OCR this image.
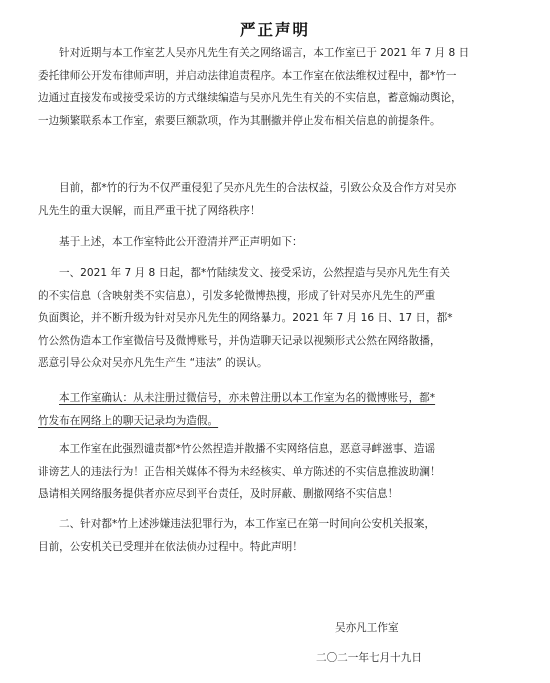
严正声明
针对近期与本工作室艺人吴亦凡先生有关之网络谣言，本工作室已于 2021 年 7 月 8 日
委托律师公开发布律师声明，并启动法律追责程序。本工作室在依法维权过程中，都*竹一
边通过直接发布或接受采访的方式继续编造与吴亦凡先生有关的不实信息，蓄意煽动舆论，
一边频繁联系本工作室，索要巨额款项，作为其删撤并停止发布相关信息的前提条件。
目前，都*竹的行为不仅严重侵犯了吴亦凡先生的合法权益，引致公众及合作方对吴亦
凡先生的重大误解，而且严重干扰了网络秩序！
基于上述，本工作室特此公开澄清并严正声明如下：
一、2021 年 7 月 8 日起，都*竹陆续发文、接受采访，公然捏造与吴亦凡先生有关
的不实信息（含映射类不实信息），引发多轮微博热搜，形成了针对吴亦凡先生的严重
负面舆论，并不断升级为针对吴亦凡先生的网络暴力。2021 年 7 月 16 日、17 日，都*
竹公然伪造本工作室微信号及微博账号，并伪造聊天记录以视频形式公然在网络散播，
恶意引导公众对吴亦凡先生产生 “违法” 的误认。
本工作室确认：从未注册过微信号，亦未曾注册以本工作室为名的微博账号，都*
竹发布在网络上的聊天记录均为造假。
本工作室在此强烈谴责都*竹公然捏造并散播不实网络信息，恶意寻衅滋事、造谣
诽谤艺人的违法行为！正告相关媒体不得为未经核实、单方陈述的不实信息推波助澜！
恳请相关网络服务提供者亦应尽到平台责任，及时屏蔽、删撤网络不实信息！
二、针对都*竹上述涉嫌违法犯罪行为，本工作室已在第一时间向公安机关报案，
目前，公安机关已受理并在依法侦办过程中。特此声明！
吴亦凡工作室
二〇二一年七月十九日
